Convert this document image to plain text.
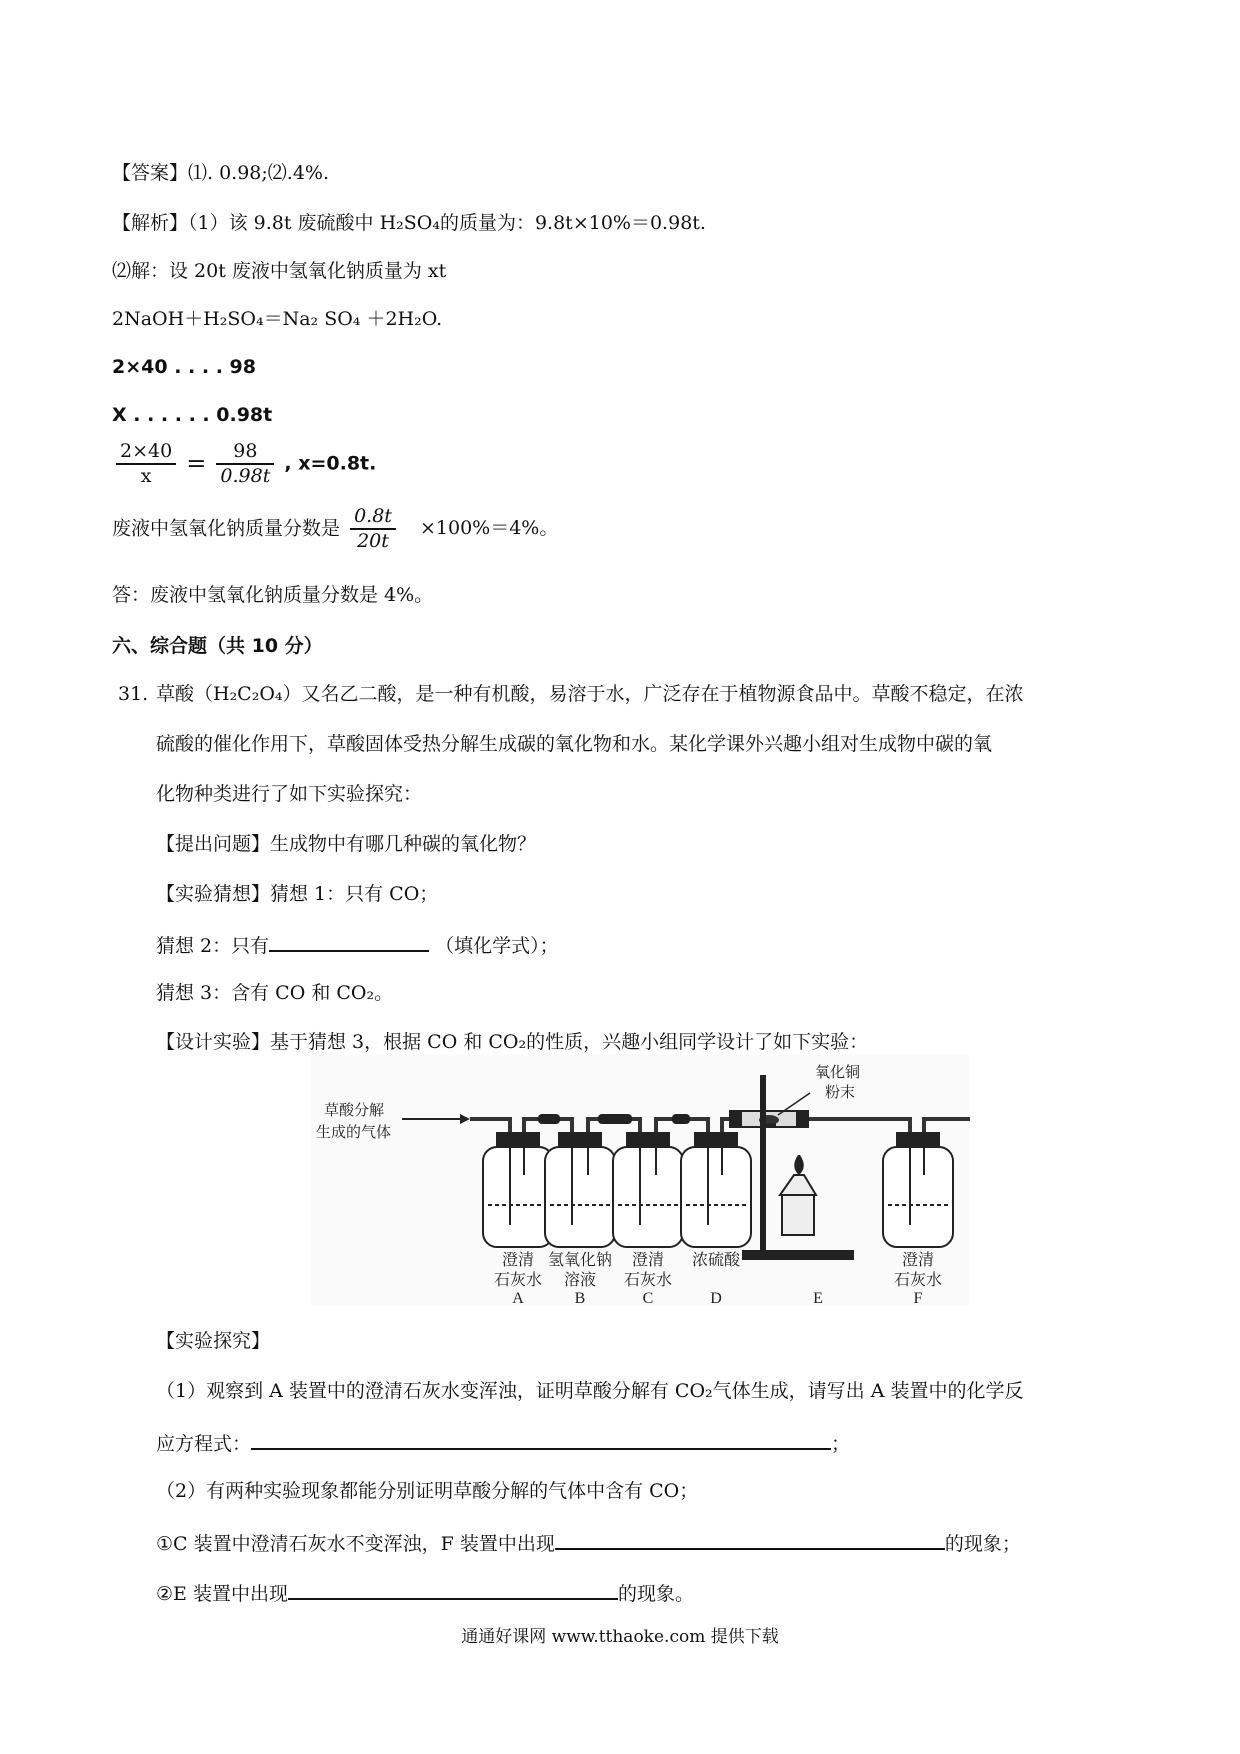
【答案】⑴. 0.98;⑵.4%.
【解析】（1）该 9.8t 废硫酸中 H₂SO₄的质量为：9.8t×10%＝0.98t.
⑵解：设 20t 废液中氢氧化钠质量为 xt
2NaOH＋H₂SO₄＝Na₂ SO₄ ＋2H₂O.
2×40 . . . . 98
X . . . . . . 0.98t
$\frac{2\times 40}{x} = \frac{98}{0.98t}$ , x=0.8t.
废液中氢氧化钠质量分数是 $\frac{0.8t}{20t} \times 100\%=4\%$。
答：废液中氢氧化钠质量分数是 4%。
六、综合题（共 10 分）
31. 草酸（H₂C₂O₄）又名乙二酸，是一种有机酸，易溶于水，广泛存在于植物源食品中。草酸不稳定，在浓
硫酸的催化作用下，草酸固体受热分解生成碳的氧化物和水。某化学课外兴趣小组对生成物中碳的氧
化物种类进行了如下实验探究：
【提出问题】生成物中有哪几种碳的氧化物？
【实验猜想】猜想 1：只有 CO；
猜想 2：只有	（填化学式）；
猜想 3：含有 CO 和 CO₂。
【设计实验】基于猜想 3，根据 CO 和 CO₂的性质，兴趣小组同学设计了如下实验：
草酸分解
生成的气体
氧化铜
粉末
澄清
石灰水
氢氧化钠
溶液
澄清
石灰水
浓硫酸	澄清
石灰水
A	B	C	D	E	F
【实验探究】
（1）观察到 A 装置中的澄清石灰水变浑浊，证明草酸分解有 CO₂气体生成，请写出 A 装置中的化学反
应方程式：	；
（2）有两种实验现象都能分别证明草酸分解的气体中含有 CO；
①C 装置中澄清石灰水不变浑浊，F 装置中出现	的现象；
②E 装置中出现	的现象。
通通好课网 www.tthaoke.com 提供下载
